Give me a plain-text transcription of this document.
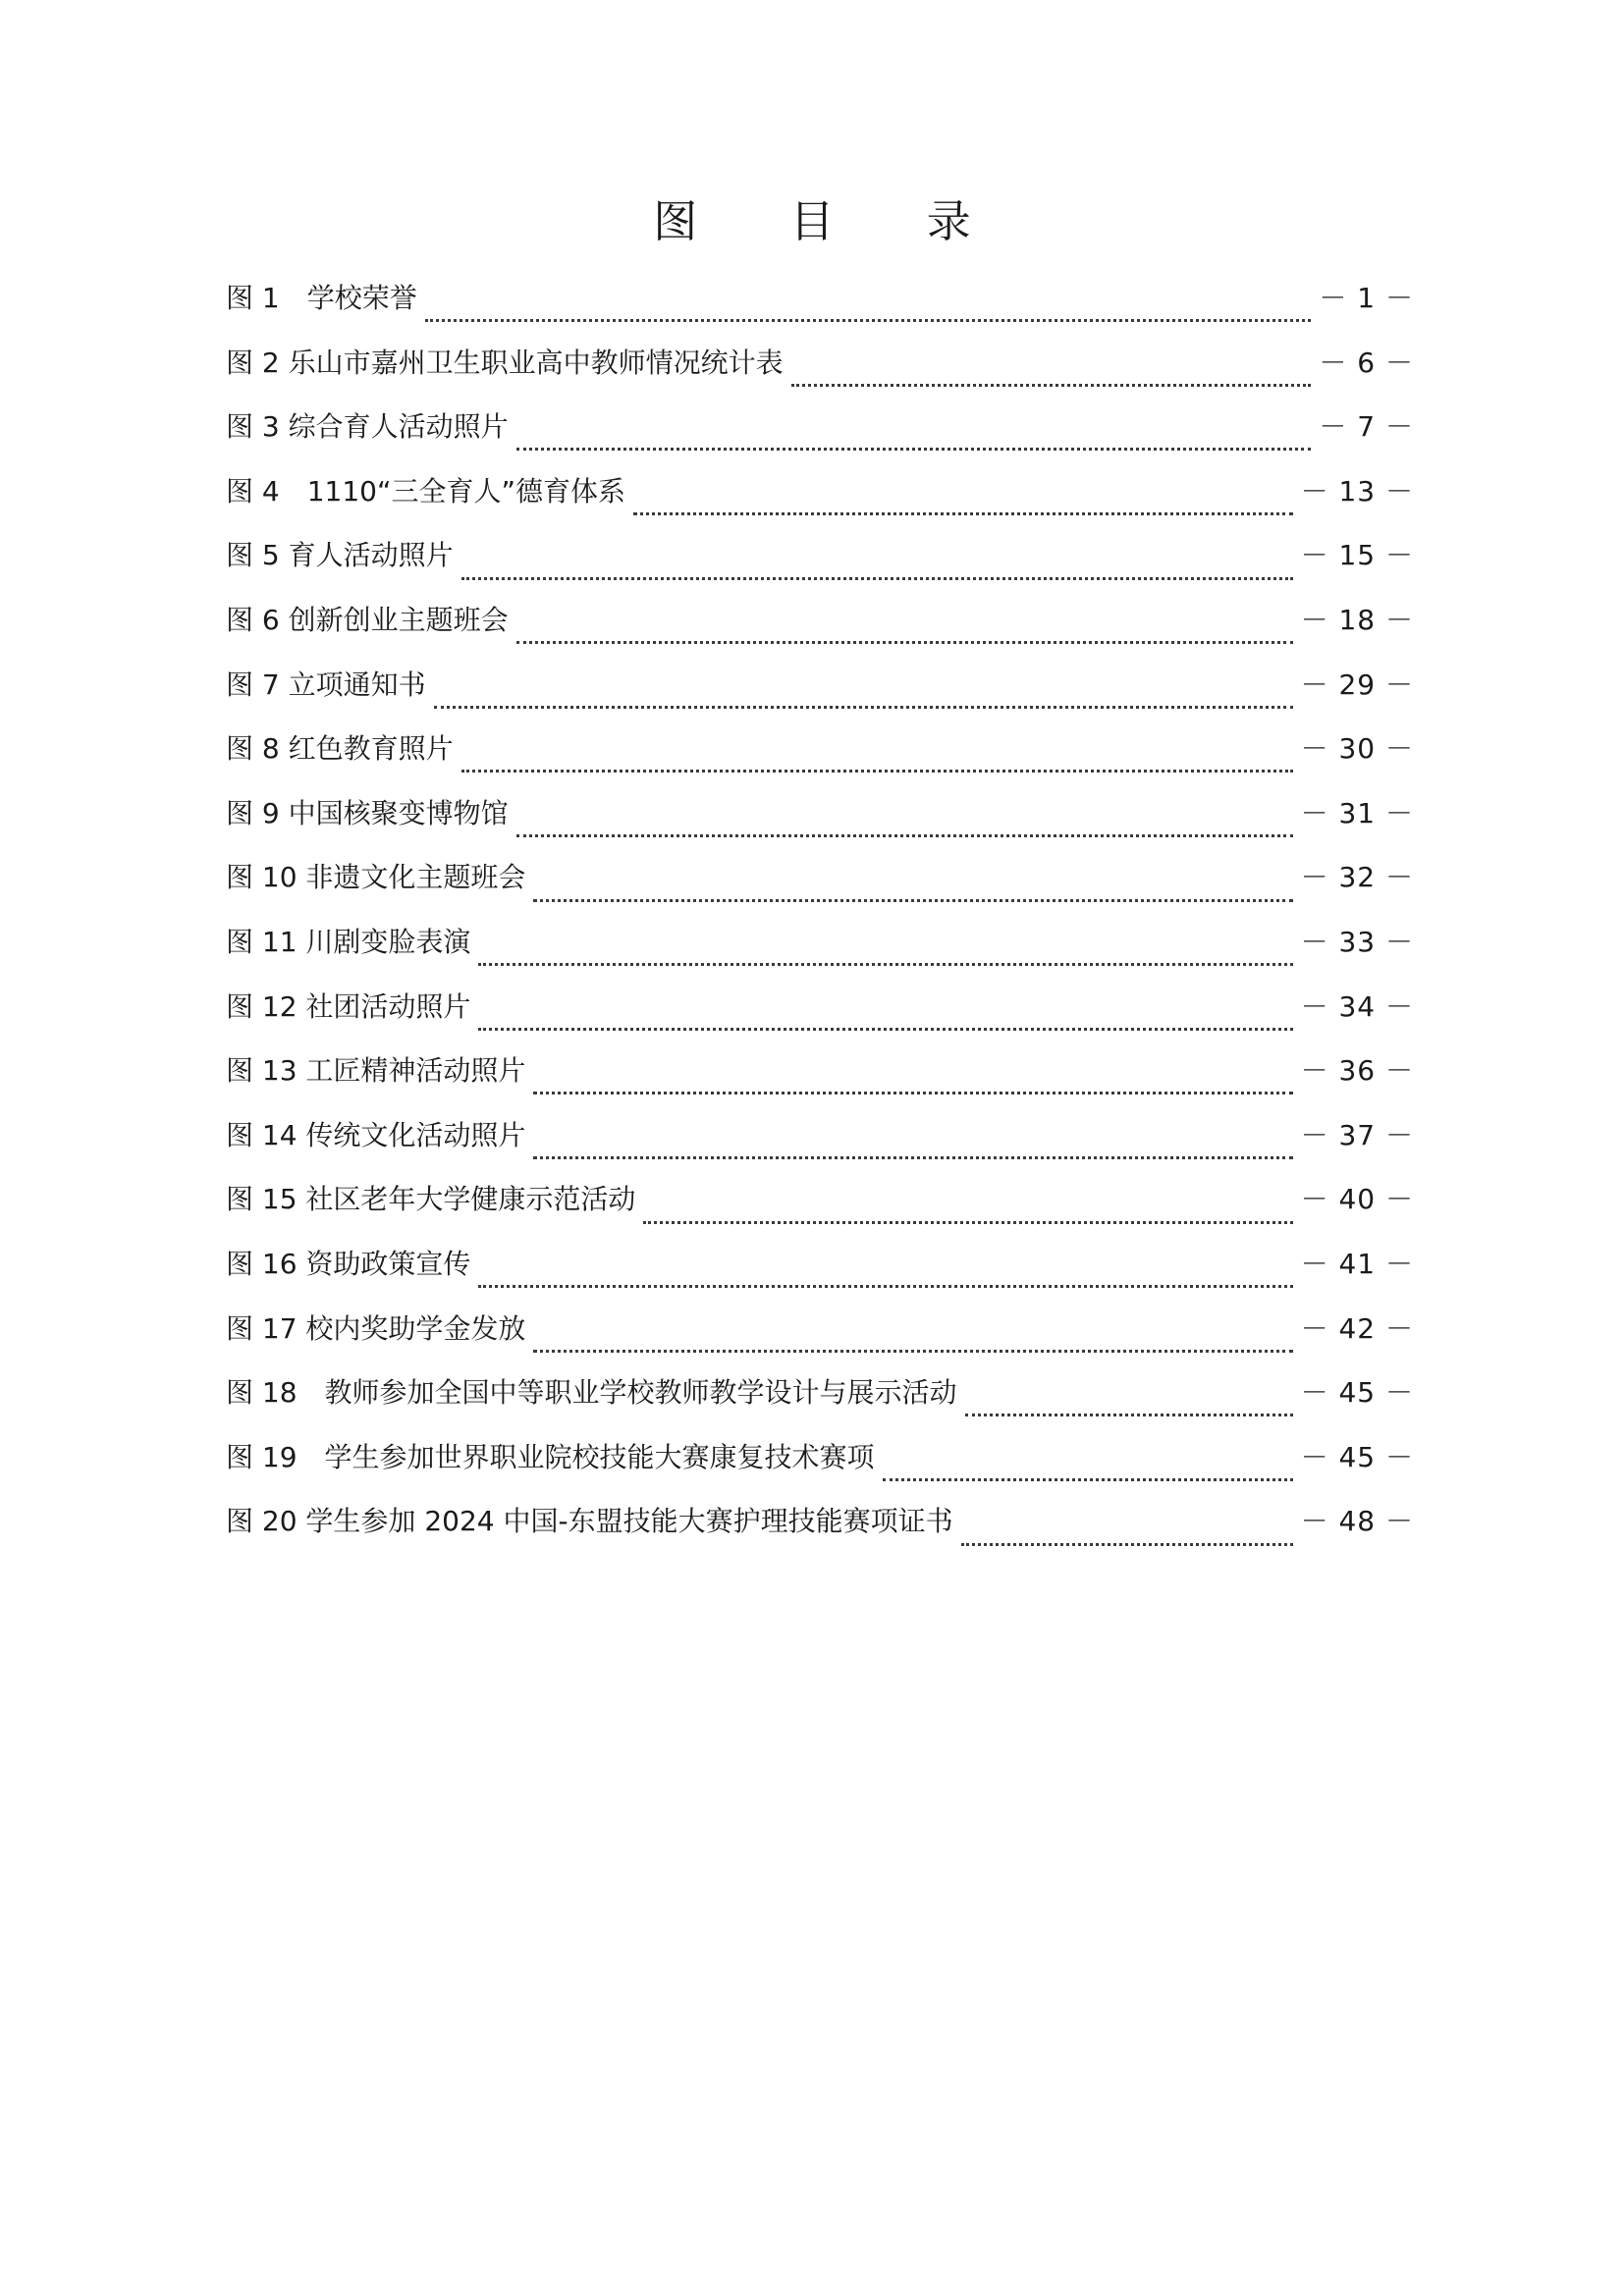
图 目 录
图 1　学校荣誉	－ 1 －
图 2 乐山市嘉州卫生职业高中教师情况统计表	－ 6 －
图 3 综合育人活动照片	－ 7 －
图 4　1110“三全育人”德育体系	－ 13 －
图 5 育人活动照片	－ 15 －
图 6 创新创业主题班会	－ 18 －
图 7 立项通知书	－ 29 －
图 8 红色教育照片	－ 30 －
图 9 中国核聚变博物馆	－ 31 －
图 10 非遗文化主题班会	－ 32 －
图 11 川剧变脸表演	－ 33 －
图 12 社团活动照片	－ 34 －
图 13 工匠精神活动照片	－ 36 －
图 14 传统文化活动照片	－ 37 －
图 15 社区老年大学健康示范活动	－ 40 －
图 16 资助政策宣传	－ 41 －
图 17 校内奖助学金发放	－ 42 －
图 18　教师参加全国中等职业学校教师教学设计与展示活动	－ 45 －
图 19　学生参加世界职业院校技能大赛康复技术赛项	－ 45 －
图 20 学生参加 2024 中国-东盟技能大赛护理技能赛项证书	－ 48 －
